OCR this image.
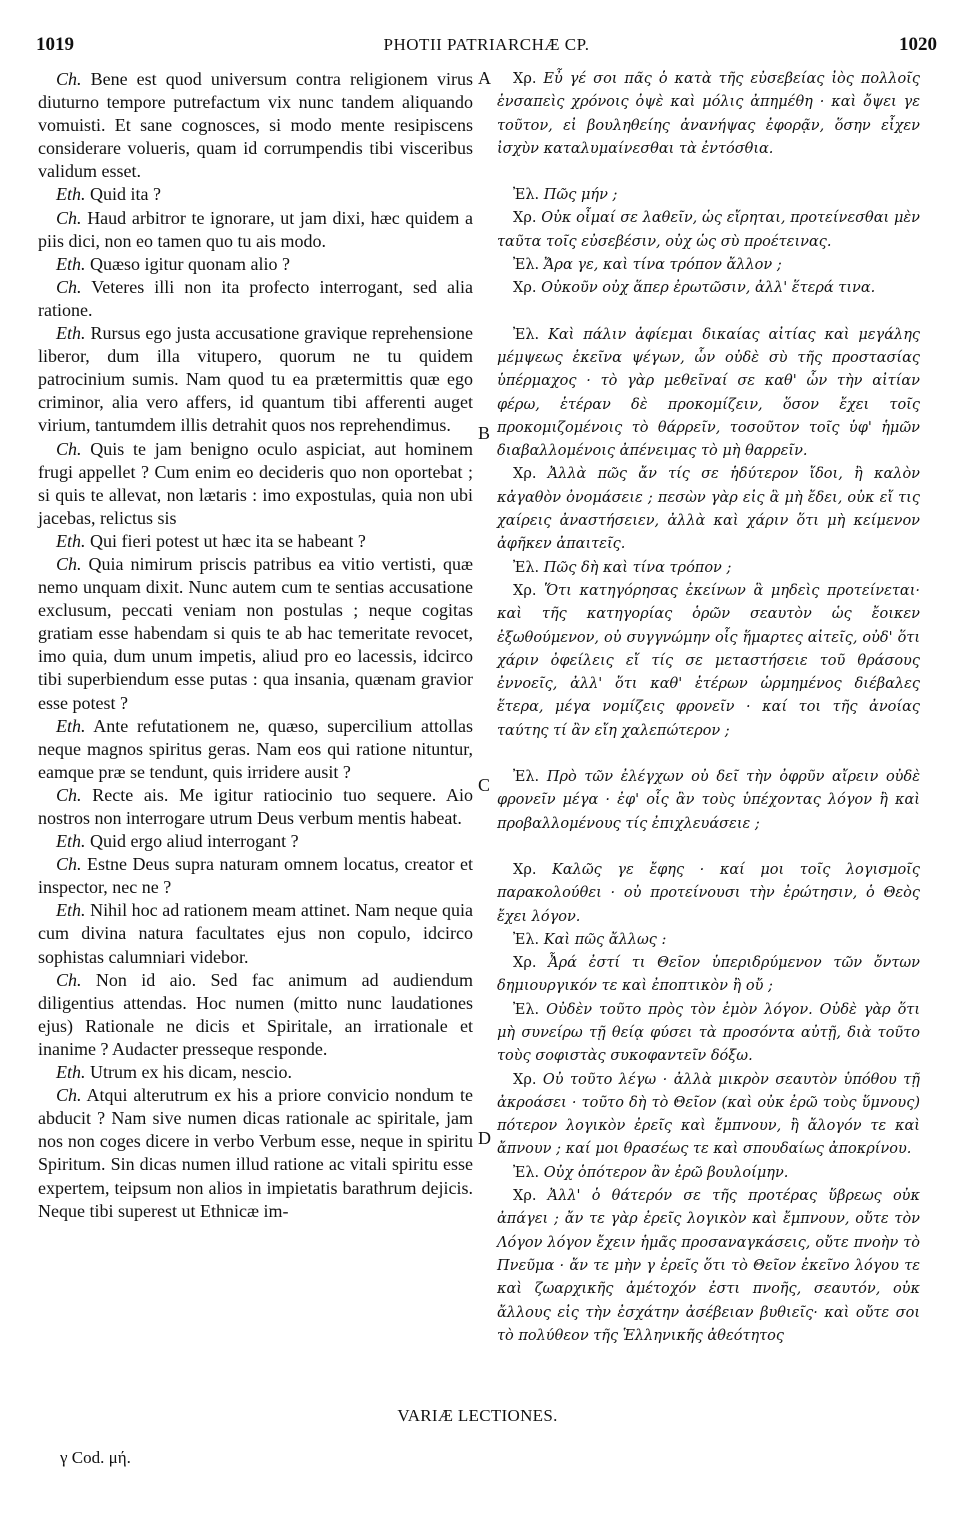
1019	PHOTII PATRIARCHÆ CP.	1020
A
B
C
D

Ch. Bene est quod universum contra religionem virus diuturno tempore putrefactum vix nunc tandem aliquando vomuisti. Et sane cognosces, si modo mente resipiscens considerare volueris, quam id corrumpendis tibi visceribus validum esset.

Eth. Quid ita ?

Ch. Haud arbitror te ignorare, ut jam dixi, hæc quidem a piis dici, non eo tamen quo tu ais modo.

Eth. Quæso igitur quonam alio ?

Ch. Veteres illi non ita profecto interrogant, sed alia ratione.

Eth. Rursus ego justa accusatione gravique reprehensione liberor, dum illa vitupero, quorum ne tu quidem patrocinium sumis. Nam quod tu ea prætermittis quæ ego criminor, alia vero affers, id quantum tibi afferenti auget virium, tantumdem illis detrahit quos nos reprehendimus.

Ch. Quis te jam benigno oculo aspiciat, aut hominem frugi appellet ? Cum enim eo decideris quo non oportebat ; si quis te allevat, non lætaris : imo expostulas, quia non ubi jacebas, relictus sis

Eth. Qui fieri potest ut hæc ita se habeant ?

Ch. Quia nimirum priscis patribus ea vitio vertisti, quæ nemo unquam dixit. Nunc autem cum te sentias accusatione exclusum, peccati veniam non postulas ; neque cogitas gratiam esse habendam si quis te ab hac temeritate revocet, imo quia, dum unum impetis, aliud pro eo lacessis, idcirco tibi superbiendum esse putas : qua insania, quænam gravior esse potest ?

Eth. Ante refutationem ne, quæso, supercilium attollas neque magnos spiritus geras. Nam eos qui ratione nituntur, eamque præ se tendunt, quis irridere ausit ?

Ch. Recte ais. Me igitur ratiocinio tuo sequere. Aio nostros non interrogare utrum Deus verbum mentis habeat.

Eth. Quid ergo aliud interrogant ?

Ch. Estne Deus supra naturam omnem locatus, creator et inspector, nec ne ?

Eth. Nihil hoc ad rationem meam attinet. Nam neque quia cum divina natura facultates ejus non copulo, idcirco sophistas calumniari videbor.

Ch. Non id aio. Sed fac animum ad audiendum diligentius attendas. Hoc numen (mitto nunc laudationes ejus) Rationale ne dicis et Spiritale, an irrationale et inanime ? Audacter presseque responde.

Eth. Utrum ex his dicam, nescio.

Ch. Atqui alterutrum ex his a priore convicio nondum te abducit ? Nam sive numen dicas rationale ac spiritale, jam nos non coges dicere in verbo Verbum esse, neque in spiritu Spiritum. Sin dicas numen illud ratione ac vitali spiritu esse expertem, teipsum non alios in impietatis barathrum dejicis. Neque tibi superest ut Ethnicæ im-

Χρ. Εὖ γέ σοι πᾶς ὁ κατὰ τῆς εὐσεβείας ἰὸς πολλοῖς ἐνσαπεὶς χρόνοις ὀψὲ καὶ μόλις ἀπημέθη · καὶ ὄψει γε τοῦτον, εἰ βουληθείης ἀνανήψας ἐφορᾷν, ὅσην εἶχεν ἰσχὺν καταλυμαίνεσθαι τὰ ἐντόσθια.

Ἐλ. Πῶς μήν ;

Χρ. Οὐκ οἶμαί σε λαθεῖν, ὡς εἴρηται, προτείνεσθαι μὲν ταῦτα τοῖς εὐσεβέσιν, οὐχ ὡς σὺ προέτεινας.

Ἐλ. Ἄρα γε, καὶ τίνα τρόπον ἄλλον ;

Χρ. Οὐκοῦν οὐχ ἅπερ ἐρωτῶσιν, ἀλλ' ἕτερά τινα.

Ἐλ. Καὶ πάλιν ἀφίεμαι δικαίας αἰτίας καὶ μεγάλης μέμψεως ἐκεῖνα ψέγων, ὧν οὐδὲ σὺ τῆς προστασίας ὑπέρμαχος · τὸ γὰρ μεθεῖναί σε καθ' ὧν τὴν αἰτίαν φέρω, ἑτέραν δὲ προκομίζειν, ὅσον ἔχει τοῖς προκομιζομένοις τὸ θάρρεῖν, τοσοῦτον τοῖς ὑφ' ἡμῶν διαβαλλομένοις ἀπένειμας τὸ μὴ θαρρεῖν.

Χρ. Ἀλλὰ πῶς ἄν τίς σε ἡδύτερον ἴδοι, ἢ καλὸν κἀγαθὸν ὀνομάσειε ; πεσὼν γὰρ εἰς ἃ μὴ ἔδει, οὐκ εἴ τις χαίρεις ἀναστήσειεν, ἀλλὰ καὶ χάριν ὅτι μὴ κείμενον ἀφῆκεν ἀπαιτεῖς.

Ἐλ. Πῶς δὴ καὶ τίνα τρόπον ;

Χρ. Ὅτι κατηγόρησας ἐκείνων ἃ μηδεὶς προτείνεται· καὶ τῆς κατηγορίας ὁρῶν σεαυτὸν ὡς ἔοικεν ἐξωθούμενον, οὐ συγγνώμην οἷς ἥμαρτες αἰτεῖς, οὐδ' ὅτι χάριν ὀφείλεις εἴ τίς σε μεταστήσειε τοῦ θράσους ἐννοεῖς, ἀλλ' ὅτι καθ' ἑτέρων ὡρμημένος διέβαλες ἕτερα, μέγα νομίζεις φρονεῖν · καί τοι τῆς ἀνοίας ταύτης τί ἂν εἴη χαλεπώτερον ;

Ἐλ. Πρὸ τῶν ἐλέγχων οὐ δεῖ τὴν ὀφρῦν αἴρειν οὐδὲ φρονεῖν μέγα · ἐφ' οἷς ἂν τοὺς ὑπέχοντας λόγον ἢ καὶ προβαλλομένους τίς ἐπιχλευάσειε ;

Χρ. Καλῶς γε ἔφης · καί μοι τοῖς λογισμοῖς παρακολούθει · οὐ προτείνουσι τὴν ἐρώτησιν, ὁ Θεὸς ἔχει λόγον.

Ἐλ. Καὶ πῶς ἄλλως :

Χρ. Ἆρά ἐστί τι Θεῖον ὑπεριδρύμενον τῶν ὄντων δημιουργικόν τε καὶ ἐποπτικὸν ἢ οὔ ;

Ἐλ. Οὐδὲν τοῦτο πρὸς τὸν ἐμὸν λόγον. Οὐδὲ γὰρ ὅτι μὴ συνείρω τῇ θείᾳ φύσει τὰ προσόντα αὐτῇ, διὰ τοῦτο τοὺς σοφιστὰς συκοφαντεῖν δόξω.

Χρ. Οὐ τοῦτο λέγω · ἀλλὰ μικρὸν σεαυτὸν ὑπόθου τῇ ἀκροάσει · τοῦτο δὴ τὸ Θεῖον (καὶ οὐκ ἐρῶ τοὺς ὕμνους) πότερον λογικὸν ἐρεῖς καὶ ἔμπνουν, ἢ ἄλογόν τε καὶ ἄπνουν ; καί μοι θρασέως τε καὶ σπουδαίως ἀποκρίνου.

Ἐλ. Οὐχ ὁπότερον ἂν ἐρῶ βουλοίμην.

Χρ. Ἀλλ' ὁ θάτερόν σε τῆς προτέρας ὕβρεως οὐκ ἀπάγει ; ἄν τε γὰρ ἐρεῖς λογικὸν καὶ ἔμπνουν, οὔτε τὸν Λόγον λόγον ἔχειν ἡμᾶς προσαναγκάσεις, οὔτε πνοὴν τὸ Πνεῦμα · ἄν τε μὴν γ ἐρεῖς ὅτι τὸ Θεῖον ἐκεῖνο λόγου τε καὶ ζωαρχικῆς ἀμέτοχόν ἐστι πνοῆς, σεαυτόν, οὐκ ἄλλους εἰς τὴν ἐσχάτην ἀσέβειαν βυθιεῖς· καὶ οὔτε σοι τὸ πολύθεον τῆς Ἑλληνικῆς ἀθεότητος

VARIÆ LECTIONES.
γ Cod. μή.
